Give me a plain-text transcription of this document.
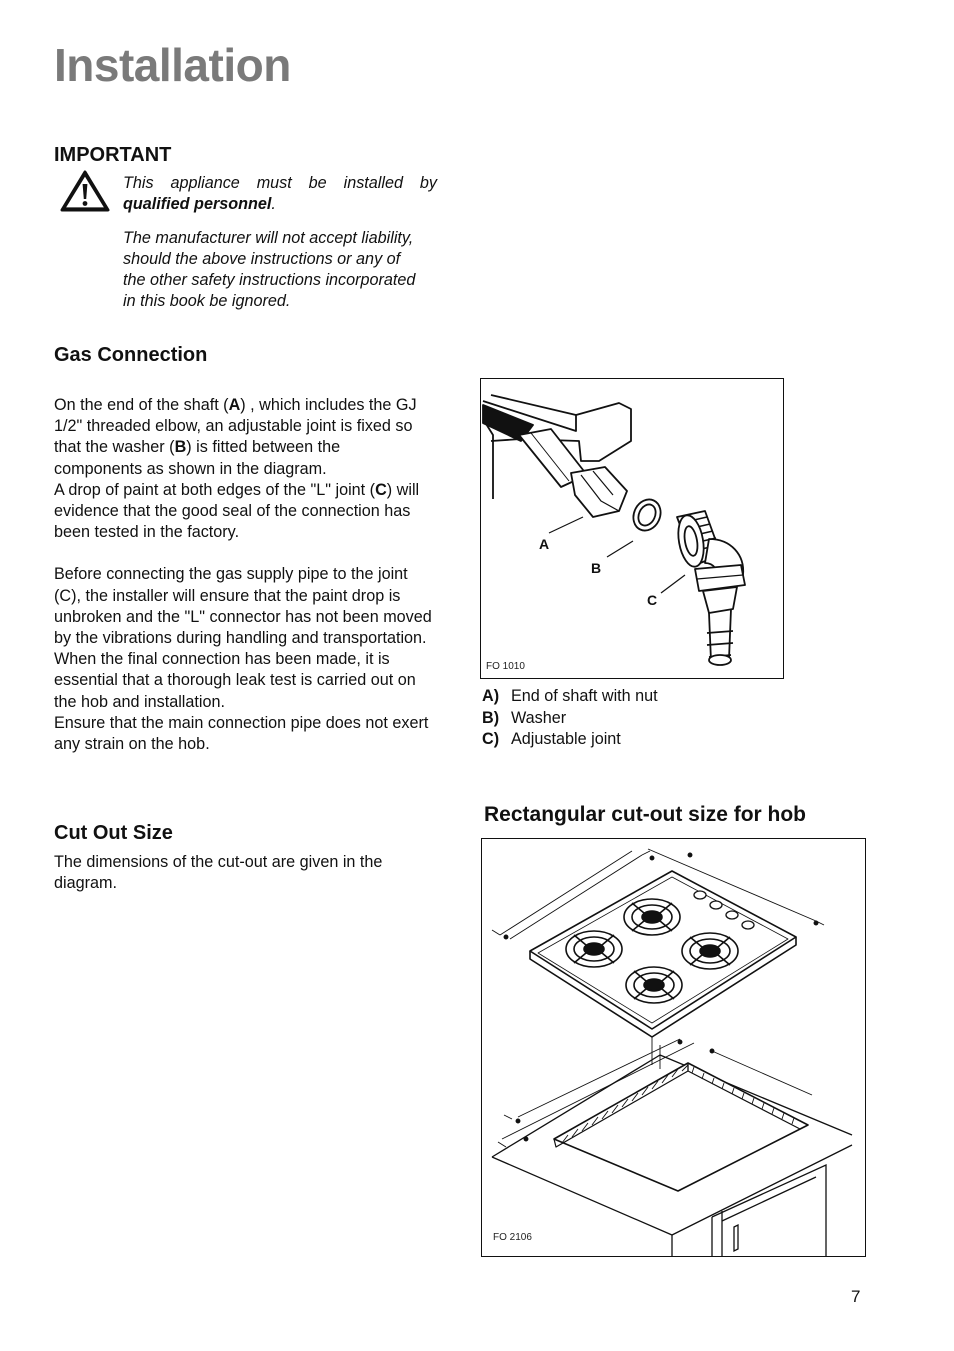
Installation
IMPORTANT

This appliance must be installed by qualified personnel.

The manufacturer will not accept liability, should the above instructions or any of the other safety instructions incorporated in this book be ignored.

Gas Connection

On the end of the shaft (A) , which includes the GJ 1/2" threaded elbow, an adjustable joint is fixed so that the washer (B) is fitted between the components as shown in the diagram.

A drop of paint at both edges of the "L" joint (C) will evidence that the good seal of the connection has been tested in the factory.

Before connecting the gas supply pipe to the joint (C), the installer will ensure that the paint drop is unbroken and the "L" connector has not been moved by the vibrations during handling and transportation.

When the final connection has been made, it is essential that a thorough leak test is carried out on the hob and installation.

Ensure that the main connection pipe does not exert any strain on the hob.

A
B
C
FO 1010
A) End of shaft with nut
B) Washer
C) Adjustable joint
Cut Out Size

The dimensions of the cut-out are given in the diagram.

Rectangular cut-out size for hob
FO 2106
7
